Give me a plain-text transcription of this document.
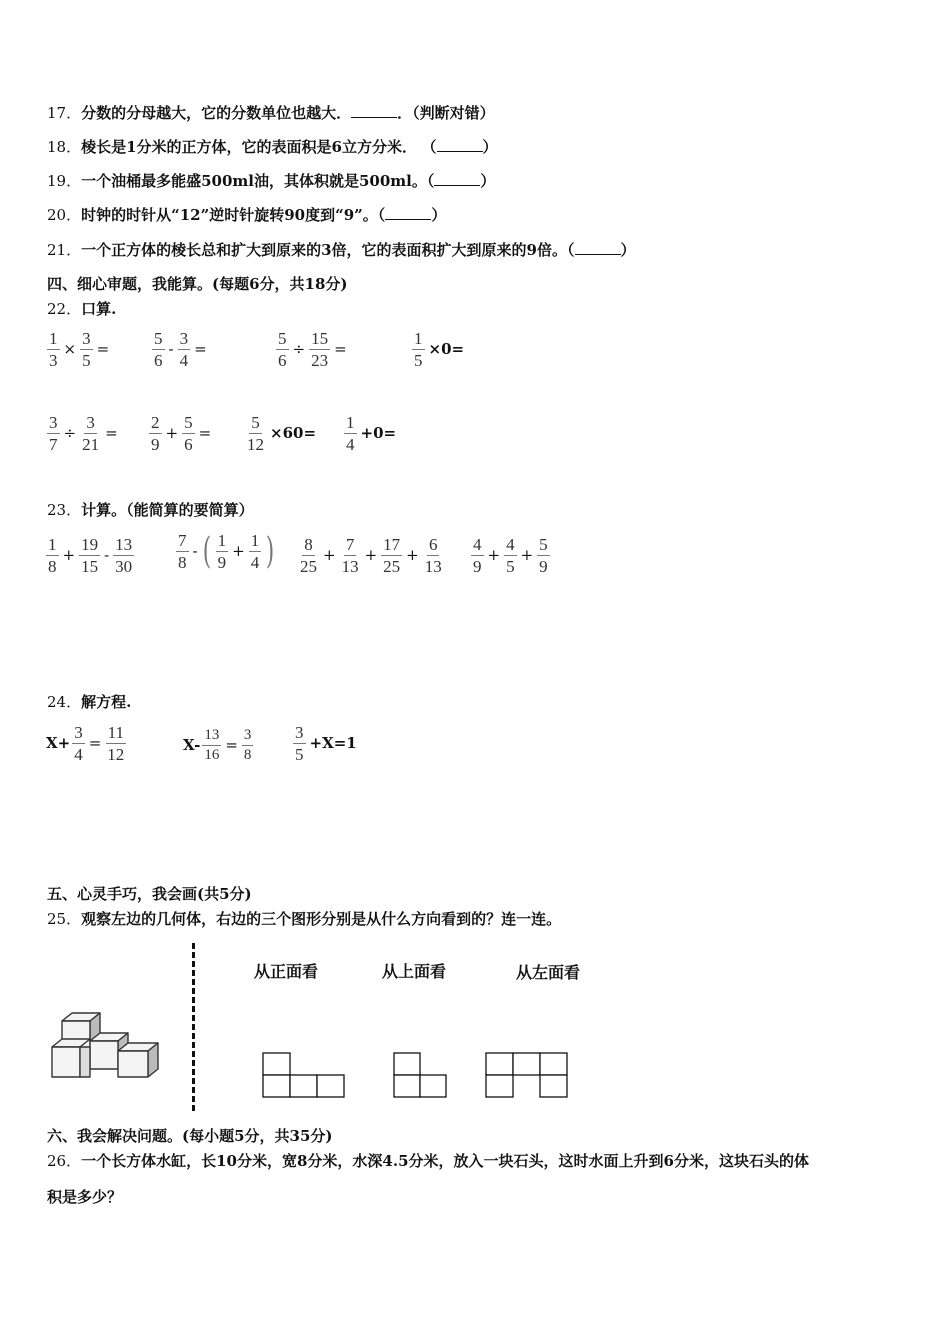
17．分数的分母越大，它的分数单位也越大．	．（判断对错）
18．棱长是1分米的正方体，它的表面积是6立方分米． （	）
19．一个油桶最多能盛500ml油，其体积就是500ml。（	）
20．时钟的时针从“12”逆时针旋转90度到“9”。（	）
21．一个正方体的棱长总和扩大到原来的3倍，它的表面积扩大到原来的9倍。（	）
四、细心审题，我能算。(每题6分，共18分)
22．口算.
$\frac{1}{3} \times \frac{3}{5}$ =	$\frac{5}{6} - \frac{3}{4}$ =	$\frac{5}{6} \div \frac{15}{23}$ =	$\frac{1}{5} \times 0=$
$\frac{3}{7} \div \frac{3}{21} = \frac{2}{9} + \frac{5}{6} = \frac{5}{12} \times 60= \frac{1}{4} +0=$
23．计算。（能简算的要简算）
$\frac{1}{8} + \frac{19}{15} - \frac{13}{30} \frac{7}{8}$ - ( $\frac{1}{9} + \frac{1}{4}$ ) $\frac{8}{25} + \frac{7}{13} + \frac{17}{25} + \frac{6}{13} \frac{4}{9} + \frac{4}{5} + \frac{5}{9}$
24．解方程.
$X+ \frac{3}{4} = \frac{11}{12}$	$X- \frac{13}{16} = \frac{3}{8} \frac{3}{5} +X=1$
五、心灵手巧，我会画(共5分)
25．观察左边的几何体，右边的三个图形分别是从什么方向看到的？连一连。
从正面看	从上面看	从左面看
六、我会解决问题。(每小题5分，共35分)
26．一个长方体水缸，长10分米，宽8分米，水深4.5分米，放入一块石头，这时水面上升到6分米，这块石头的体
积是多少？
